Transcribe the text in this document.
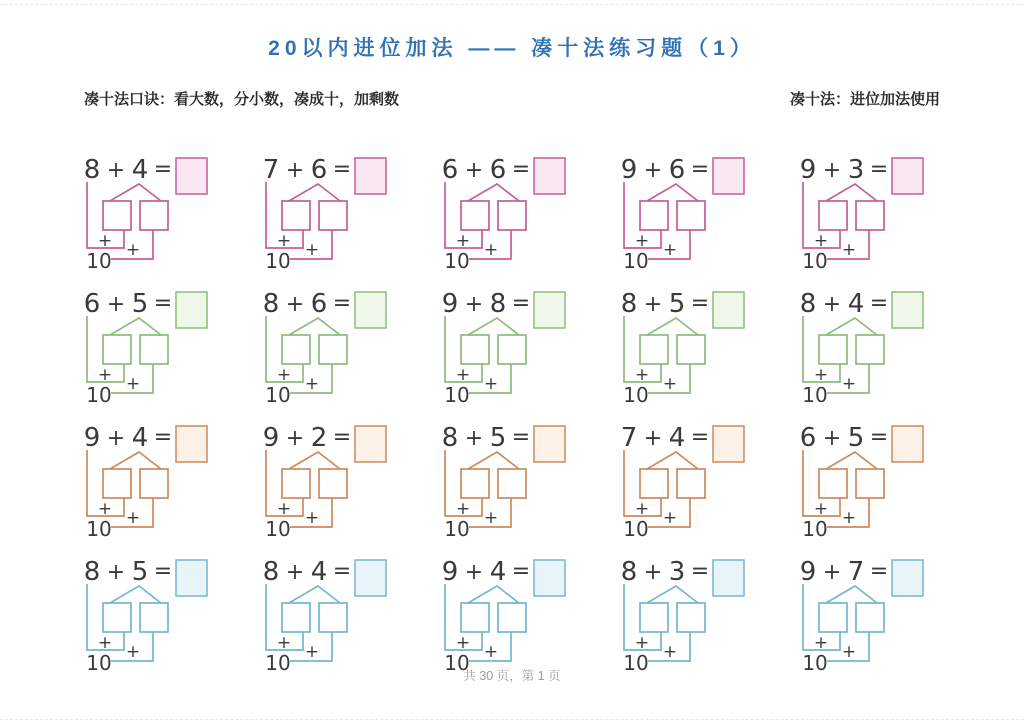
20以内进位加法 —— 凑十法练习题（1）
凑十法口诀：看大数，分小数，凑成十，加剩数	凑十法：进位加法使用
8 + 4 =
+
10 +
7 + 6 =
+
10 +
6 + 6 =
+
10 +
9 + 6 =
+
10 +
9 + 3 =
+
10 +
6 + 5 =
+
10 +
8 + 6 =
+
10 +
9 + 8 =
+
10 +
8 + 5 =
+
10 +
8 + 4 =
+
10 +
9 + 4 =
+
10 +
9 + 2 =
+
10 +
8 + 5 =
+
10 +
7 + 4 =
+
10 +
6 + 5 =
+
10 +
8 + 5 =
+
10 +
8 + 4 =
+
10 +
9 + 4 =
+
10 +
8 + 3 =
+
10 +
9 + 7 =
+
10 +
共 30 页，第 1 页
